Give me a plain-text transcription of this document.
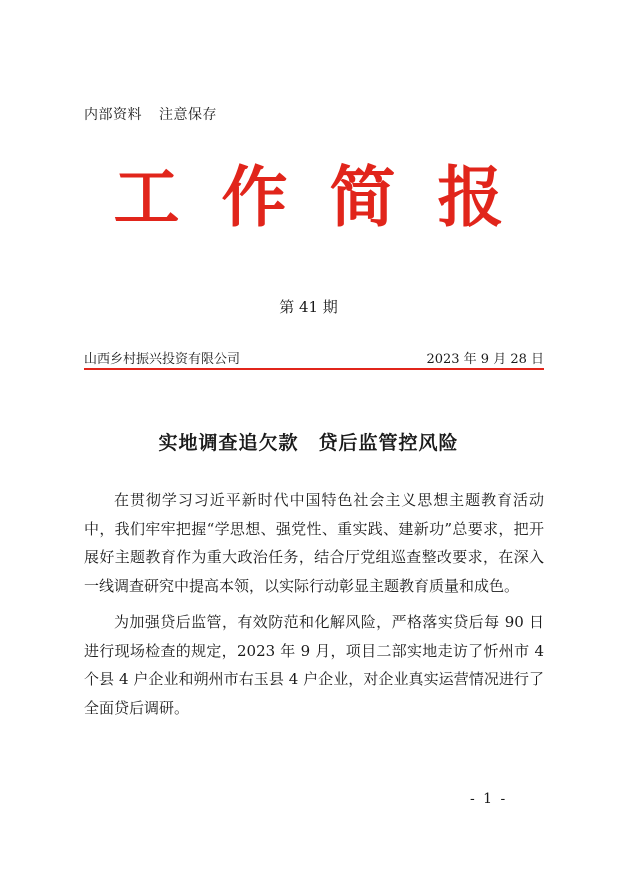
内部资料 注意保存
工作简报
第 41 期
山西乡村振兴投资有限公司	2023 年 9 月 28 日
实地调查追欠款　贷后监管控风险

在贯彻学习习近平新时代中国特色社会主义思想主题教育活动中，我们牢牢把握“学思想、强党性、重实践、建新功”总要求，把开展好主题教育作为重大政治任务，结合厅党组巡查整改要求，在深入一线调查研究中提高本领，以实际行动彰显主题教育质量和成色。

为加强贷后监管，有效防范和化解风险，严格落实贷后每 90 日进行现场检查的规定，2023 年 9 月，项目二部实地走访了忻州市 4 个县 4 户企业和朔州市右玉县 4 户企业，对企业真实运营情况进行了全面贷后调研。

- 1 -
